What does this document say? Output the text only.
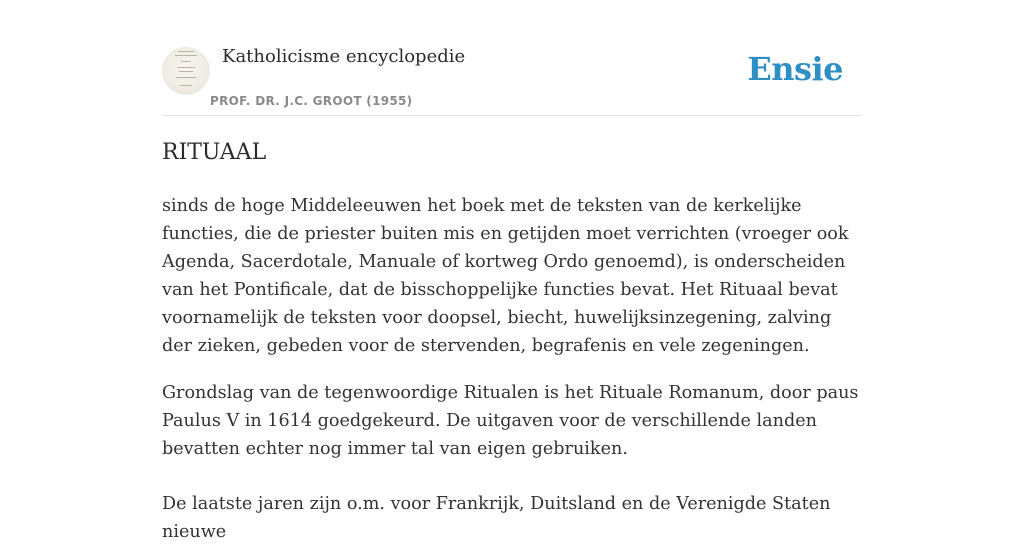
Katholicisme encyclopedie
PROF. DR. J.C. GROOT (1955)
Ensie
RITUAAL

sinds de hoge Middeleeuwen het boek met de teksten van de kerkelijke functies, die de priester buiten mis en getijden moet verrichten (vroeger ook Agenda, Sacerdotale, Manuale of kortweg Ordo genoemd), is onderscheiden van het Pontificale, dat de bisschoppelijke functies bevat. Het Rituaal bevat voornamelijk de teksten voor doopsel, biecht, huwelijksinzegening, zalving der zieken, gebeden voor de stervenden, begrafenis en vele zegeningen.

Grondslag van de tegenwoordige Ritualen is het Rituale Romanum, door paus Paulus V in 1614 goedgekeurd. De uitgaven voor de verschillende landen bevatten echter nog immer tal van eigen gebruiken.

De laatste jaren zijn o.m. voor Frankrijk, Duitsland en de Verenigde Staten nieuwe
